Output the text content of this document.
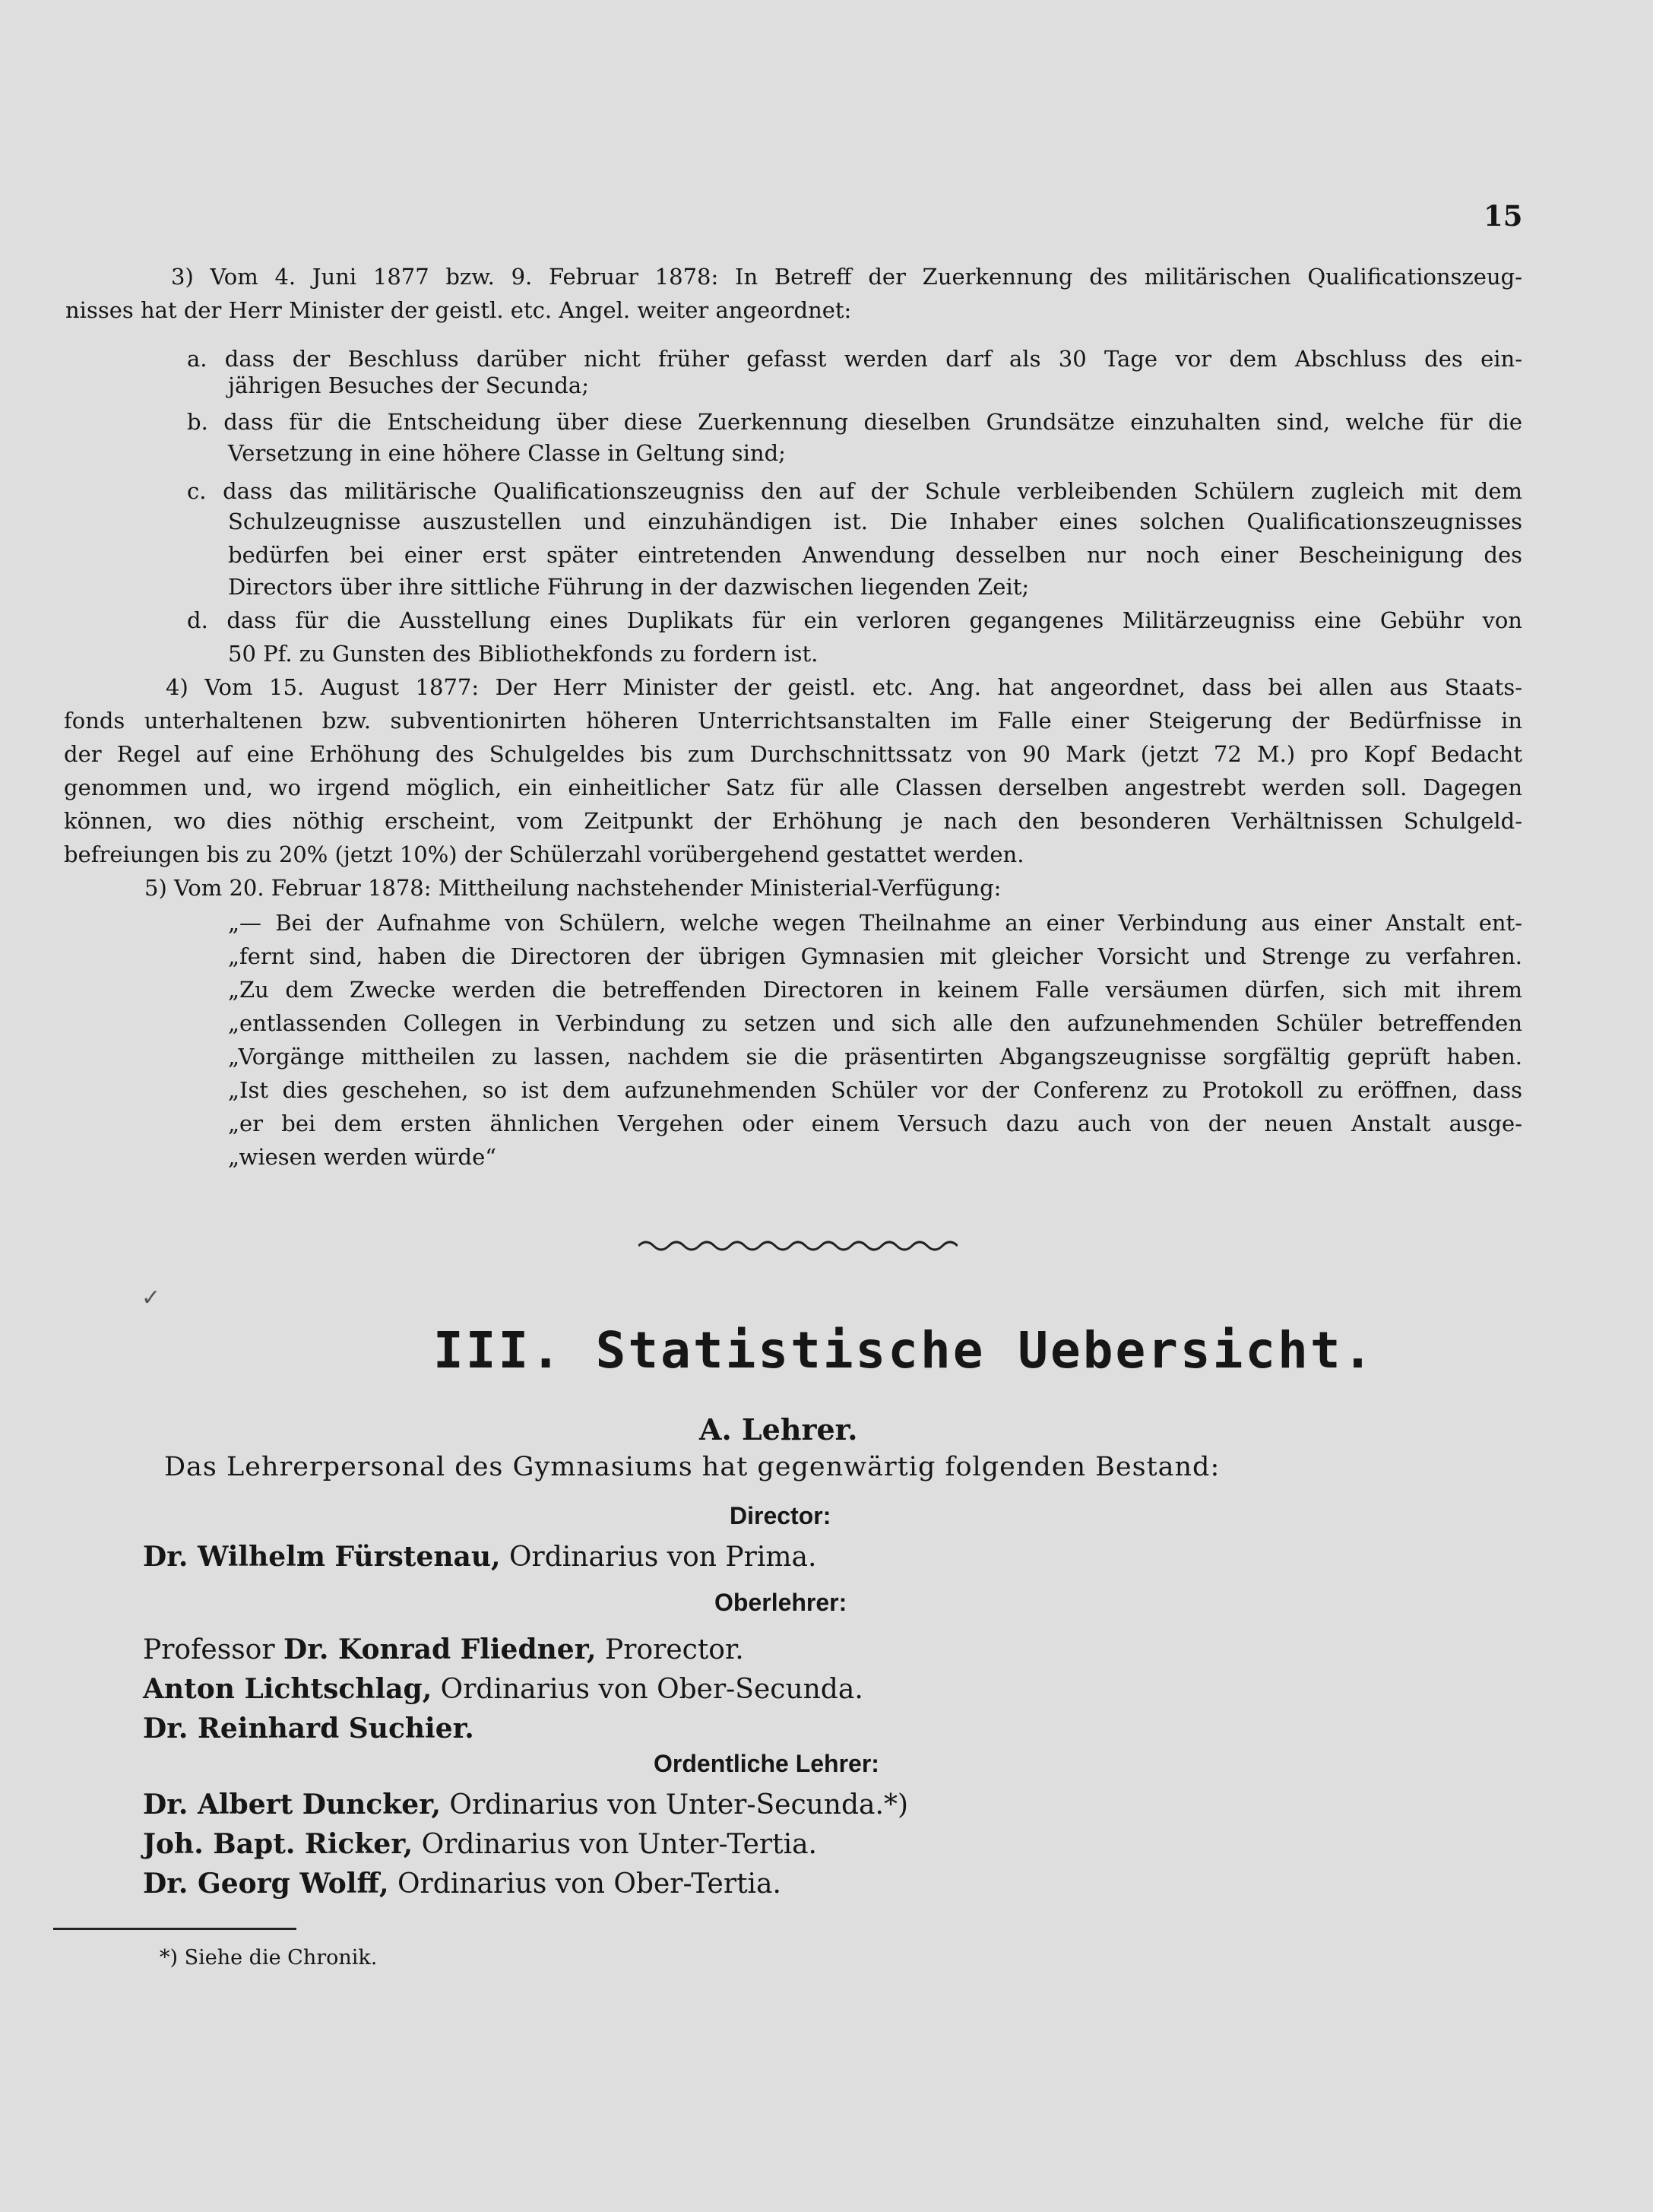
15
3) Vom 4. Juni 1877 bzw. 9. Februar 1878: In Betreff der Zuerkennung des militärischen Qualificationszeug-
nisses hat der Herr Minister der geistl. etc. Angel. weiter angeordnet:
a. dass der Beschluss darüber nicht früher gefasst werden darf als 30 Tage vor dem Abschluss des ein-
jährigen Besuches der Secunda;
b. dass für die Entscheidung über diese Zuerkennung dieselben Grundsätze einzuhalten sind, welche für die
Versetzung in eine höhere Classe in Geltung sind;
c. dass das militärische Qualificationszeugniss den auf der Schule verbleibenden Schülern zugleich mit dem
Schulzeugnisse auszustellen und einzuhändigen ist. Die Inhaber eines solchen Qualificationszeugnisses
bedürfen bei einer erst später eintretenden Anwendung desselben nur noch einer Bescheinigung des
Directors über ihre sittliche Führung in der dazwischen liegenden Zeit;
d. dass für die Ausstellung eines Duplikats für ein verloren gegangenes Militärzeugniss eine Gebühr von
50 Pf. zu Gunsten des Bibliothekfonds zu fordern ist.
4) Vom 15. August 1877: Der Herr Minister der geistl. etc. Ang. hat angeordnet, dass bei allen aus Staats-
fonds unterhaltenen bzw. subventionirten höheren Unterrichtsanstalten im Falle einer Steigerung der Bedürfnisse in
der Regel auf eine Erhöhung des Schulgeldes bis zum Durchschnittssatz von 90 Mark (jetzt 72 M.) pro Kopf Bedacht
genommen und, wo irgend möglich, ein einheitlicher Satz für alle Classen derselben angestrebt werden soll. Dagegen
können, wo dies nöthig erscheint, vom Zeitpunkt der Erhöhung je nach den besonderen Verhältnissen Schulgeld-
befreiungen bis zu 20% (jetzt 10%) der Schülerzahl vorübergehend gestattet werden.
5) Vom 20. Februar 1878: Mittheilung nachstehender Ministerial-Verfügung:
„— Bei der Aufnahme von Schülern, welche wegen Theilnahme an einer Verbindung aus einer Anstalt ent-
„fernt sind, haben die Directoren der übrigen Gymnasien mit gleicher Vorsicht und Strenge zu verfahren.
„Zu dem Zwecke werden die betreffenden Directoren in keinem Falle versäumen dürfen, sich mit ihrem
„entlassenden Collegen in Verbindung zu setzen und sich alle den aufzunehmenden Schüler betreffenden
„Vorgänge mittheilen zu lassen, nachdem sie die präsentirten Abgangszeugnisse sorgfältig geprüft haben.
„Ist dies geschehen, so ist dem aufzunehmenden Schüler vor der Conferenz zu Protokoll zu eröffnen, dass
„er bei dem ersten ähnlichen Vergehen oder einem Versuch dazu auch von der neuen Anstalt ausge-
„wiesen werden würde“
✓
III. Statistische Uebersicht.
A. Lehrer.
Das Lehrerpersonal des Gymnasiums hat gegenwärtig folgenden Bestand:
Director:
Dr. Wilhelm Fürstenau, Ordinarius von Prima.
Oberlehrer:
Professor Dr. Konrad Fliedner, Prorector.
Anton Lichtschlag, Ordinarius von Ober-Secunda.
Dr. Reinhard Suchier.
Ordentliche Lehrer:
Dr. Albert Duncker, Ordinarius von Unter-Secunda.*)
Joh. Bapt. Ricker, Ordinarius von Unter-Tertia.
Dr. Georg Wolff, Ordinarius von Ober-Tertia.
*) Siehe die Chronik.
